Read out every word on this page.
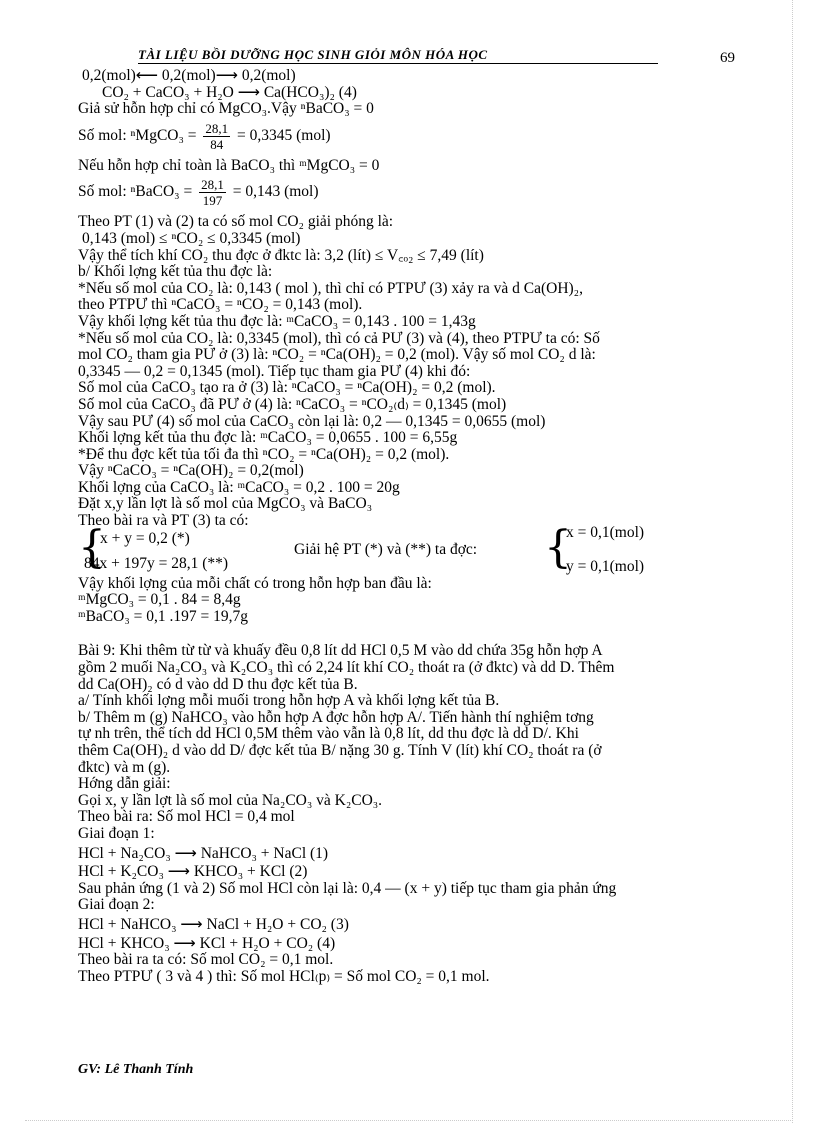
TÀI LIỆU BỒI DƯỠNG HỌC SINH GIỎI MÔN HÓA HỌC	69
0,2(mol)⟵ 0,2(mol)⟶ 0,2(mol)
CO₂ + CaCO₃ + H₂O ⟶ Ca(HCO₃)₂ (4)
Giả sử hỗn hợp chỉ có MgCO₃.Vậy ⁿBaCO₃ = 0
Số mol: ⁿMgCO₃ = $\frac{28,1}{84} = 0,3345$ (mol)
Nếu hỗn hợp chỉ toàn là BaCO₃ thì ᵐMgCO₃ = 0
Số mol: ⁿBaCO₃ = $\frac{28,1}{197} = 0,143$ (mol)
Theo PT (1) và (2) ta có số mol CO₂ giải phóng là:
0,143 (mol) ≤ ⁿCO₂ ≤ 0,3345 (mol)
Vậy thể tích khí CO₂ thu đợc ở đktc là: 3,2 (lít) ≤ V꜀ₒ₂ ≤ 7,49 (lít)
b/ Khối lợng kết tủa thu đợc là:
*Nếu số mol của CO₂ là: 0,143 ( mol ), thì chỉ có PTPƯ (3) xảy ra và d Ca(OH)₂,
theo PTPƯ thì ⁿCaCO₃ = ⁿCO₂ = 0,143 (mol).
Vậy khối lợng kết tủa thu đợc là: ᵐCaCO₃ = 0,143 . 100 = 1,43g
*Nếu số mol của CO₂ là: 0,3345 (mol), thì có cả PƯ (3) và (4), theo PTPƯ ta có: Số
mol CO₂ tham gia PƯ ở (3) là: ⁿCO₂ = ⁿCa(OH)₂ = 0,2 (mol). Vậy số mol CO₂ d là:
0,3345 — 0,2 = 0,1345 (mol). Tiếp tục tham gia PƯ (4) khi đó:
Số mol của CaCO₃ tạo ra ở (3) là: ⁿCaCO₃ = ⁿCa(OH)₂ = 0,2 (mol).
Số mol của CaCO₃ đã PƯ ở (4) là: ⁿCaCO₃ = ⁿCO₂₍d₎ = 0,1345 (mol)
Vậy sau PƯ (4) số mol của CaCO₃ còn lại là: 0,2 — 0,1345 = 0,0655 (mol)
Khối lợng kết tủa thu đợc là: ᵐCaCO₃ = 0,0655 . 100 = 6,55g
*Để thu đợc kết tủa tối đa thì ⁿCO₂ = ⁿCa(OH)₂ = 0,2 (mol).
Vậy ⁿCaCO₃ = ⁿCa(OH)₂ = 0,2(mol)
Khối lợng của CaCO₃ là: ᵐCaCO₃ = 0,2 . 100 = 20g
Đặt x,y lần lợt là số mol của MgCO₃ và BaCO₃
Theo bài ra và PT (3) ta có:
{
x + y = 0,2 (*)
84x + 197y = 28,1 (**)
Giải hệ PT (*) và (**) ta đợc: {
x = 0,1(mol)
y = 0,1(mol)
Vậy khối lợng của mỗi chất có trong hỗn hợp ban đầu là:
ᵐMgCO₃ = 0,1 . 84 = 8,4g
ᵐBaCO₃ = 0,1 .197 = 19,7g
Bài 9: Khi thêm từ từ và khuấy đều 0,8 lít dd HCl 0,5 M vào dd chứa 35g hỗn hợp A
gồm 2 muối Na₂CO₃ và K₂CO₃ thì có 2,24 lít khí CO₂ thoát ra (ở đktc) và dd D. Thêm
dd Ca(OH)₂ có d vào dd D thu đợc kết tủa B.
a/ Tính khối lợng mỗi muối trong hỗn hợp A và khối lợng kết tủa B.
b/ Thêm m (g) NaHCO₃ vào hỗn hợp A đợc hỗn hợp A/. Tiến hành thí nghiệm tơng
tự nh trên, thể tích dd HCl 0,5M thêm vào vẫn là 0,8 lít, dd thu đợc là dd D/. Khi
thêm Ca(OH)₂ d vào dd D/ đợc kết tủa B/ nặng 30 g. Tính V (lít) khí CO₂ thoát ra (ở
đktc) và m (g).
Hớng dẫn giải:
Gọi x, y lần lợt là số mol của Na₂CO₃ và K₂CO₃.
Theo bài ra: Số mol HCl = 0,4 mol
Giai đoạn 1:
HCl + Na₂CO₃ ⟶ NaHCO₃ + NaCl (1)
HCl + K₂CO₃ ⟶ KHCO₃ + KCl (2)
Sau phản ứng (1 và 2) Số mol HCl còn lại là: 0,4 — (x + y) tiếp tục tham gia phản ứng
Giai đoạn 2:
HCl + NaHCO₃ ⟶ NaCl + H₂O + CO₂ (3)
HCl + KHCO₃ ⟶ KCl + H₂O + CO₂ (4)
Theo bài ra ta có: Số mol CO₂ = 0,1 mol.
Theo PTPƯ ( 3 và 4 ) thì: Số mol HCl₍p₎ = Số mol CO₂ = 0,1 mol.
GV: Lê Thanh Tính
